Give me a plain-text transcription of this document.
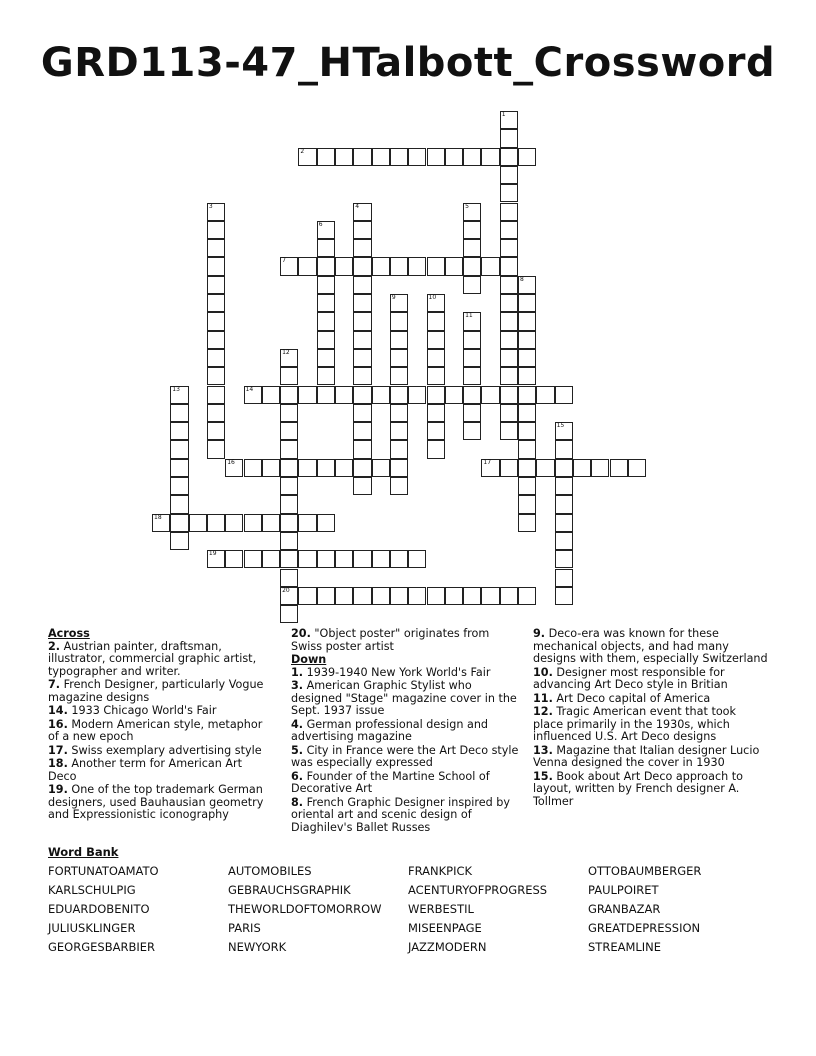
GRD113-47_HTalbott_Crossword
1
2
3	4	5
6
7
8
9	10
11
12
20
13	14
15
16	17
18
19
Across
2. Austrian painter, draftsman, illustrator, commercial graphic artist, typographer and writer.
7. French Designer, particularly Vogue magazine designs
14. 1933 Chicago World's Fair
16. Modern American style, metaphor of a new epoch
17. Swiss exemplary advertising style
18. Another term for American Art Deco
19. One of the top trademark German designers, used Bauhausian geometry and Expressionistic iconography
20. "Object poster" originates from Swiss poster artist
Down
1. 1939-1940 New York World's Fair
3. American Graphic Stylist who designed "Stage" magazine cover in the Sept. 1937 issue
4. German professional design and advertising magazine
5. City in France were the Art Deco style was especially expressed
6. Founder of the Martine School of Decorative Art
8. French Graphic Designer inspired by oriental art and scenic design of Diaghilev's Ballet Russes
9. Deco-era was known for these mechanical objects, and had many designs with them, especially Switzerland
10. Designer most responsible for advancing Art Deco style in Britian
11. Art Deco capital of America
12. Tragic American event that took place primarily in the 1930s, which influenced U.S. Art Deco designs
13. Magazine that Italian designer Lucio Venna designed the cover in 1930
15. Book about Art Deco approach to layout, written by French designer A. Tollmer
Word Bank
FORTUNATOAMATO	AUTOMOBILES	FRANKPICK	OTTOBAUMBERGER
KARLSCHULPIG	GEBRAUCHSGRAPHIK	ACENTURYOFPROGRESS	PAULPOIRET
EDUARDOBENITO	THEWORLDOFTOMORROW	WERBESTIL	GRANBAZAR
JULIUSKLINGER	PARIS	MISEENPAGE	GREATDEPRESSION
GEORGESBARBIER	NEWYORK	JAZZMODERN	STREAMLINE
